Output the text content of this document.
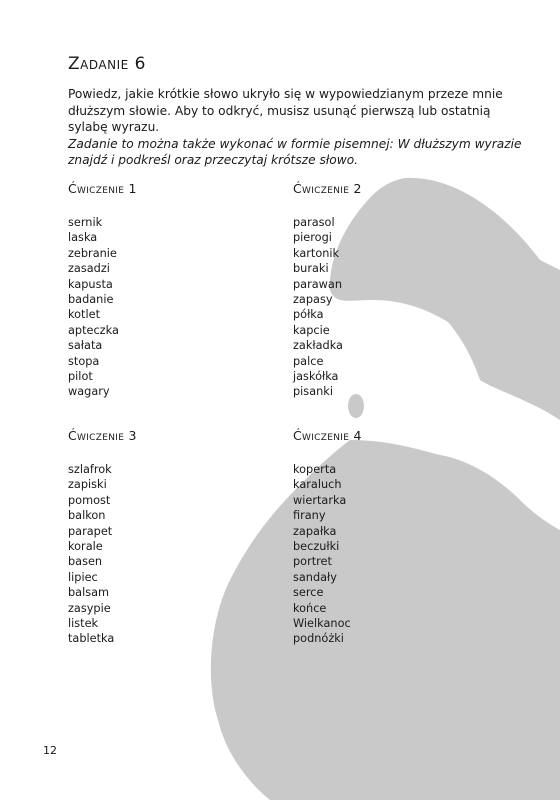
Zadanie 6

Powiedz, jakie krótkie słowo ukryło się w wypowiedzianym przeze mnie dłuższym słowie. Aby to odkryć, musisz usunąć pierwszą lub ostatnią sylabę wyrazu.

Zadanie to można także wykonać w formie pisemnej: W dłuższym wyrazie znajdź i podkreśl oraz przeczytaj krótsze słowo.

Ćwiczenie 1
sernik
laska
zebranie
zasadzi
kapusta
badanie
kotlet
apteczka
sałata
stopa
pilot
wagary
Ćwiczenie 2
parasol
pierogi
kartonik
buraki
parawan
zapasy
półka
kapcie
zakładka
palce
jaskółka
pisanki
Ćwiczenie 3
szlafrok
zapiski
pomost
balkon
parapet
korale
basen
lipiec
balsam
zasypie
listek
tabletka
Ćwiczenie 4
koperta
karaluch
wiertarka
firany
zapałka
beczułki
portret
sandały
serce
końce
Wielkanoc
podnóżki
12
